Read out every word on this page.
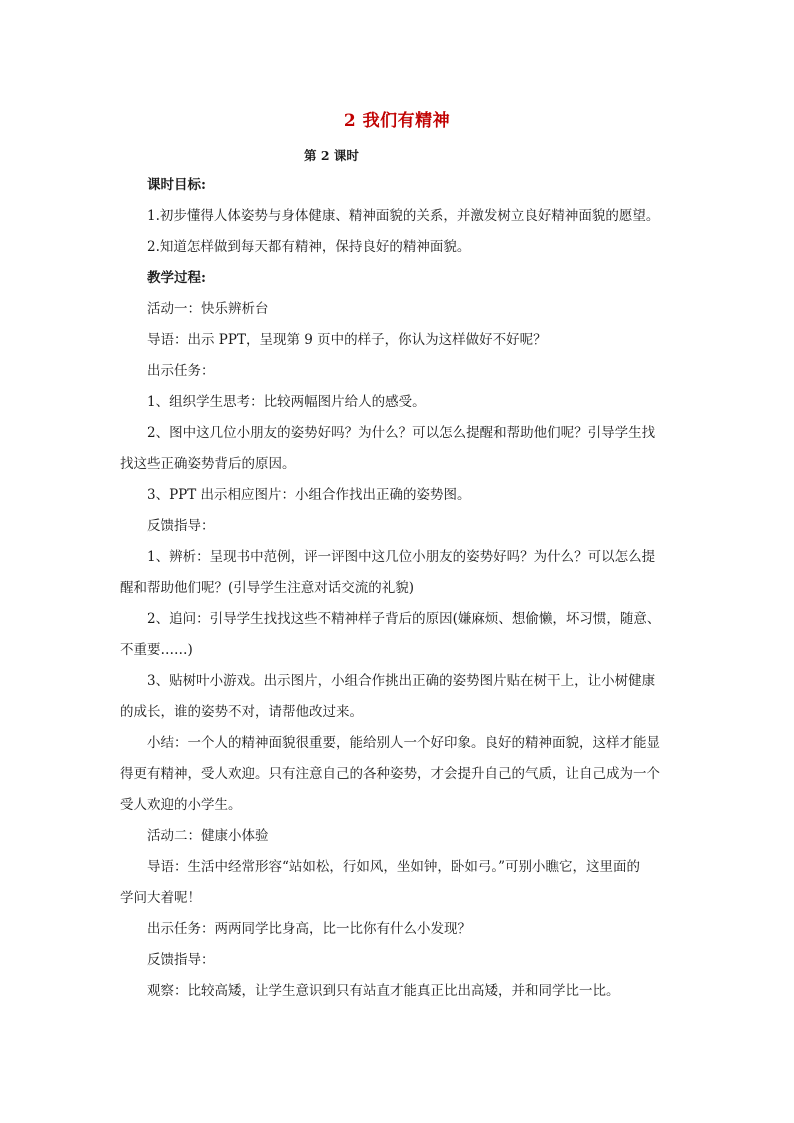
2 我们有精神
第 2 课时
课时目标:
1.初步懂得人体姿势与身体健康、精神面貌的关系，并激发树立良好精神面貌的愿望。
2.知道怎样做到每天都有精神，保持良好的精神面貌。
教学过程:
活动一：快乐辨析台
导语：出示 PPT，呈现第 9 页中的样子，你认为这样做好不好呢？
出示任务：
1、组织学生思考：比较两幅图片给人的感受。
2、图中这几位小朋友的姿势好吗？为什么？可以怎么提醒和帮助他们呢？引导学生找
找这些正确姿势背后的原因。
3、PPT 出示相应图片：小组合作找出正确的姿势图。
反馈指导：
1、辨析：呈现书中范例，评一评图中这几位小朋友的姿势好吗？为什么？可以怎么提
醒和帮助他们呢？(引导学生注意对话交流的礼貌)
2、追问：引导学生找找这些不精神样子背后的原因(嫌麻烦、想偷懒，坏习惯，随意、
不重要……)
3、贴树叶小游戏。出示图片，小组合作挑出正确的姿势图片贴在树干上，让小树健康
的成长，谁的姿势不对，请帮他改过来。
小结：一个人的精神面貌很重要，能给别人一个好印象。良好的精神面貌，这样才能显
得更有精神，受人欢迎。只有注意自己的各种姿势，才会提升自己的气质，让自己成为一个
受人欢迎的小学生。
活动二：健康小体验
导语：生活中经常形容“站如松，行如风，坐如钟，卧如弓。”可别小瞧它，这里面的
学问大着呢！
出示任务：两两同学比身高，比一比你有什么小发现？
反馈指导：
观察：比较高矮，让学生意识到只有站直才能真正比出高矮，并和同学比一比。
